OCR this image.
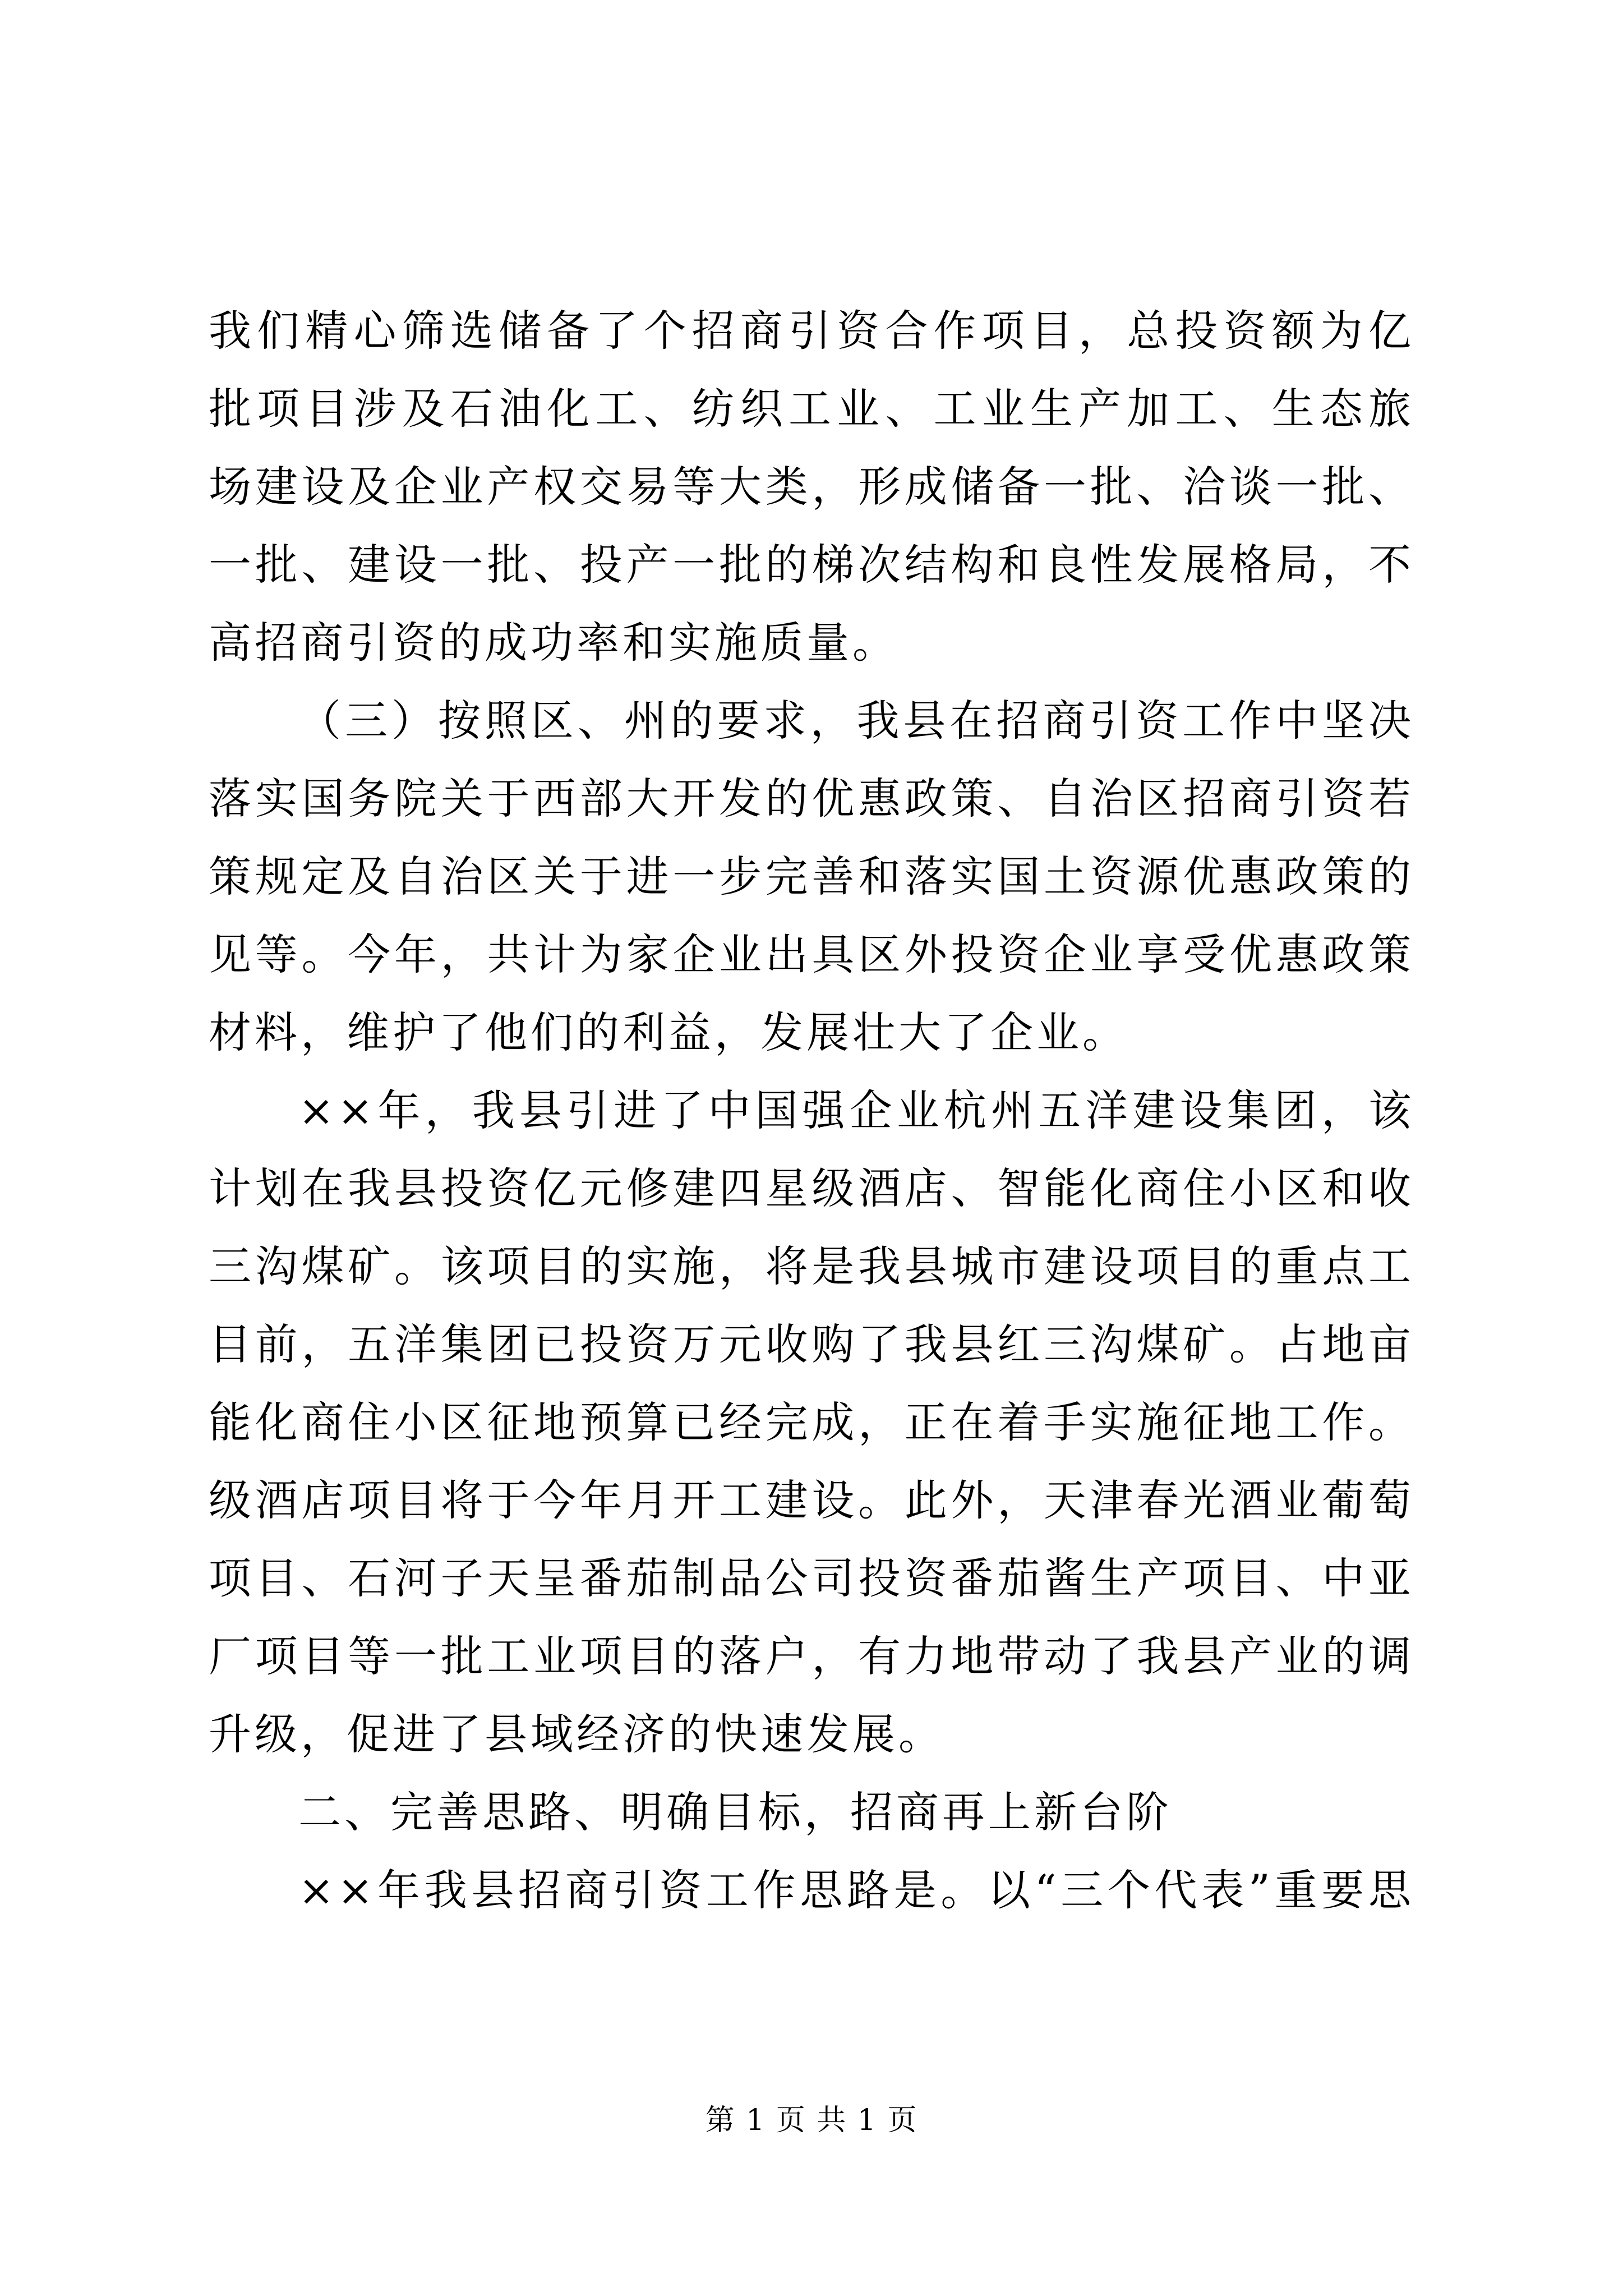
我们精心筛选储备了个招商引资合作项目，总投资额为亿
批项目涉及石油化工、纺织工业、工业生产加工、生态旅
场建设及企业产权交易等大类，形成储备一批、洽谈一批、
一批、建设一批、投产一批的梯次结构和良性发展格局，不
高招商引资的成功率和实施质量。
（三）按照区、州的要求，我县在招商引资工作中坚决
落实国务院关于西部大开发的优惠政策、自治区招商引资若
策规定及自治区关于进一步完善和落实国土资源优惠政策的
见等。今年，共计为家企业出具区外投资企业享受优惠政策
材料，维护了他们的利益，发展壮大了企业。
××年，我县引进了中国强企业杭州五洋建设集团，该
计划在我县投资亿元修建四星级酒店、智能化商住小区和收
三沟煤矿。该项目的实施，将是我县城市建设项目的重点工
目前，五洋集团已投资万元收购了我县红三沟煤矿。占地亩
能化商住小区征地预算已经完成，正在着手实施征地工作。
级酒店项目将于今年月开工建设。此外，天津春光酒业葡萄
项目、石河子天呈番茄制品公司投资番茄酱生产项目、中亚
厂项目等一批工业项目的落户，有力地带动了我县产业的调
升级，促进了县域经济的快速发展。
二、完善思路、明确目标，招商再上新台阶
××年我县招商引资工作思路是。以“三个代表”重要思
第 1 页 共 1 页
